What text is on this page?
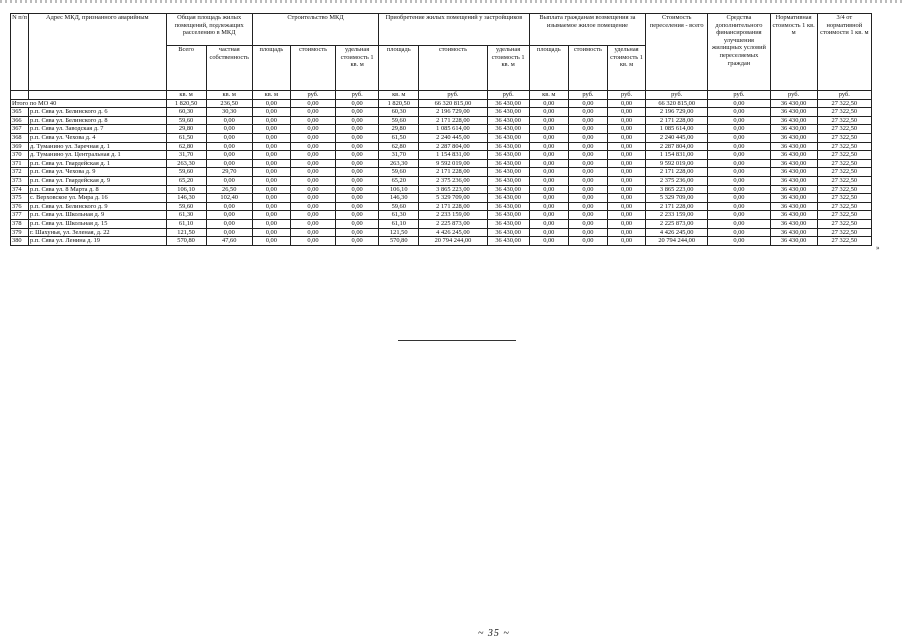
N п/п	Адрес МКД, признанного аварийным	Общая площадь жилых помещений, подлежащих расселению в МКД		Строительство МКД			Приобретение жилых помещений у застройщиков			Выплата гражданам возмещения за изымаемое жилое помещение			Стоимость переселения - всего	Средства дополнительного финансирования улучшения жилищных условий переселяемых граждан	Нормативная стоимость 1 кв. м	3/4 от нормативной стоимости 1 кв. м
		Всего	частная собственность	площадь	стоимость	удельная стоимость 1 кв. м	площадь	стоимость	удельная стоимость 1 кв. м	площадь	стоимость	удельная стоимость 1 кв. м				
		кв. м	кв. м	кв. м	руб.	руб.	кв. м	руб.	руб.	кв. м	руб.	руб.	руб.	руб.	руб.	руб.
Итого по МО 40		1 820,50	236,50	0,00	0,00	0,00	1 820,50	66 320 815,00	36 430,00	0,00	0,00	0,00	66 320 815,00	0,00	36 430,00	27 322,50
365	р.п. Сява ул. Белинского д. 6	60,30	30,30	0,00	0,00	0,00	60,30	2 196 729,00	36 430,00	0,00	0,00	0,00	2 196 729,00	0,00	36 430,00	27 322,50
366	р.п. Сява ул. Белинского д. 8	59,60	0,00	0,00	0,00	0,00	59,60	2 171 228,00	36 430,00	0,00	0,00	0,00	2 171 228,00	0,00	36 430,00	27 322,50
367	р.п. Сява ул. Заводская д. 7	29,80	0,00	0,00	0,00	0,00	29,80	1 085 614,00	36 430,00	0,00	0,00	0,00	1 085 614,00	0,00	36 430,00	27 322,50
368	р.п. Сява ул. Чехова д. 4	61,50	0,00	0,00	0,00	0,00	61,50	2 240 445,00	36 430,00	0,00	0,00	0,00	2 240 445,00	0,00	36 430,00	27 322,50
369	д. Туманино ул. Заречная д. 1	62,80	0,00	0,00	0,00	0,00	62,80	2 287 804,00	36 430,00	0,00	0,00	0,00	2 287 804,00	0,00	36 430,00	27 322,50
370	д. Туманино ул. Центральная д. 1	31,70	0,00	0,00	0,00	0,00	31,70	1 154 831,00	36 430,00	0,00	0,00	0,00	1 154 831,00	0,00	36 430,00	27 322,50
371	р.п. Сява ул. Гвардейская д. 1	263,30	0,00	0,00	0,00	0,00	263,30	9 592 019,00	36 430,00	0,00	0,00	0,00	9 592 019,00	0,00	36 430,00	27 322,50
372	р.п. Сява ул. Чехова д. 9	59,60	29,70	0,00	0,00	0,00	59,60	2 171 228,00	36 430,00	0,00	0,00	0,00	2 171 228,00	0,00	36 430,00	27 322,50
373	р.п. Сява ул. Гвардейская д. 9	65,20	0,00	0,00	0,00	0,00	65,20	2 375 236,00	36 430,00	0,00	0,00	0,00	2 375 236,00	0,00	36 430,00	27 322,50
374	р.п. Сява ул. 8 Марта д. 8	106,10	26,50	0,00	0,00	0,00	106,10	3 865 223,00	36 430,00	0,00	0,00	0,00	3 865 223,00	0,00	36 430,00	27 322,50
375	с. Верховское ул. Мира д. 16	146,30	102,40	0,00	0,00	0,00	146,30	5 329 709,00	36 430,00	0,00	0,00	0,00	5 329 709,00	0,00	36 430,00	27 322,50
376	р.п. Сява ул. Белинского д. 9	59,60	0,00	0,00	0,00	0,00	59,60	2 171 228,00	36 430,00	0,00	0,00	0,00	2 171 228,00	0,00	36 430,00	27 322,50
377	р.п. Сява ул. Школьная д. 9	61,30	0,00	0,00	0,00	0,00	61,30	2 233 159,00	36 430,00	0,00	0,00	0,00	2 233 159,00	0,00	36 430,00	27 322,50
378	р.п. Сява ул. Школьная д. 15	61,10	0,00	0,00	0,00	0,00	61,10	2 225 873,00	36 430,00	0,00	0,00	0,00	2 225 873,00	0,00	36 430,00	27 322,50
379	г. Шахунья, ул. Зеленая, д. 22	121,50	0,00	0,00	0,00	0,00	121,50	4 426 245,00	36 430,00	0,00	0,00	0,00	4 426 245,00	0,00	36 430,00	27 322,50
380	р.п. Сява ул. Ленина д. 19	570,80	47,60	0,00	0,00	0,00	570,80	20 794 244,00	36 430,00	0,00	0,00	0,00	20 794 244,00	0,00	36 430,00	27 322,50
»
~ 35 ~
